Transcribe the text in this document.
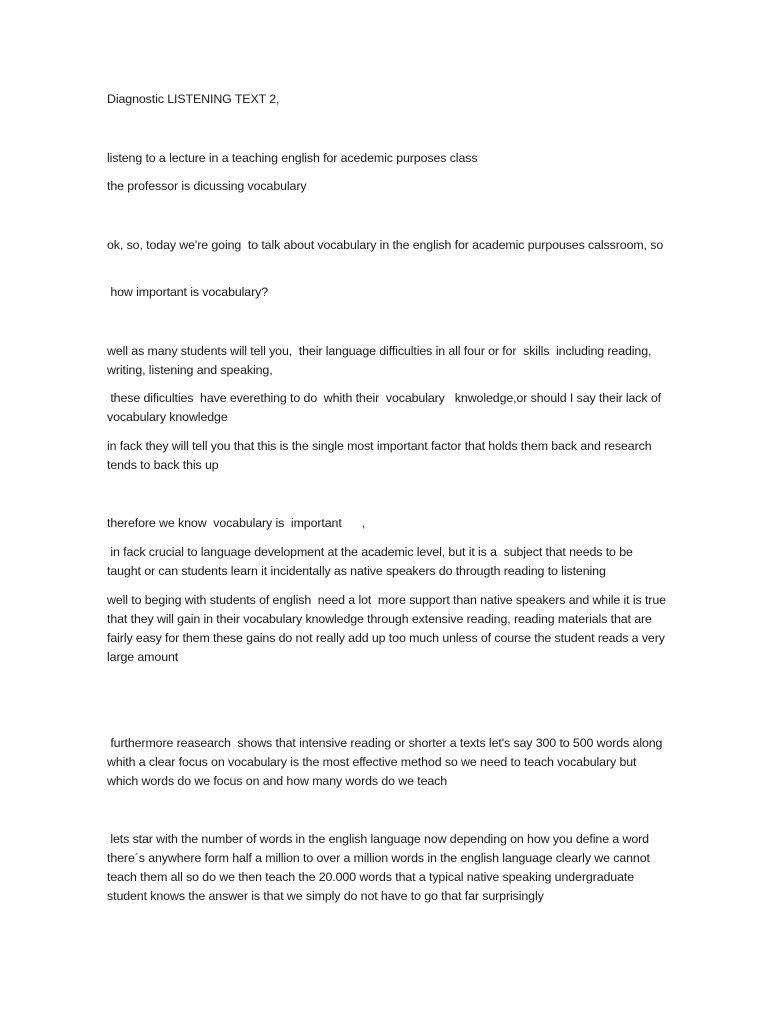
Diagnostic LISTENING TEXT 2,

listeng to a lecture in a teaching english for acedemic purposes class

the professor is dicussing vocabulary

ok, so, today we're going  to talk about vocabulary in the english for academic purpouses calssroom, so

how important is vocabulary?

well as many students will tell you,  their language difficulties in all four or for  skills  including reading, writing, listening and speaking,

these dificulties  have everething to do  whith their  vocabulary   knwoledge,or should I say their lack of  vocabulary knowledge

in fack they will tell you that this is the single most important factor that holds them back and research tends to back this up

therefore we know  vocabulary is  important      ,

in fack crucial to language development at the academic level, but it is a  subject that needs to be taught or can students learn it incidentally as native speakers do througth reading to listening

well to beging with students of english  need a lot  more support than native speakers and while it is true that they will gain in their vocabulary knowledge through extensive reading, reading materials that are fairly easy for them these gains do not really add up too much unless of course the student reads a very large amount

furthermore reasearch  shows that intensive reading or shorter a texts let's say 300 to 500 words along whith a clear focus on vocabulary is the most effective method so we need to teach vocabulary but which words do we focus on and how many words do we teach

lets star with the number of words in the english language now depending on how you define a word there´s anywhere form half a million to over a million words in the english language clearly we cannot teach them all so do we then teach the 20.000 words that a typical native speaking undergraduate student knows the answer is that we simply do not have to go that far surprisingly
